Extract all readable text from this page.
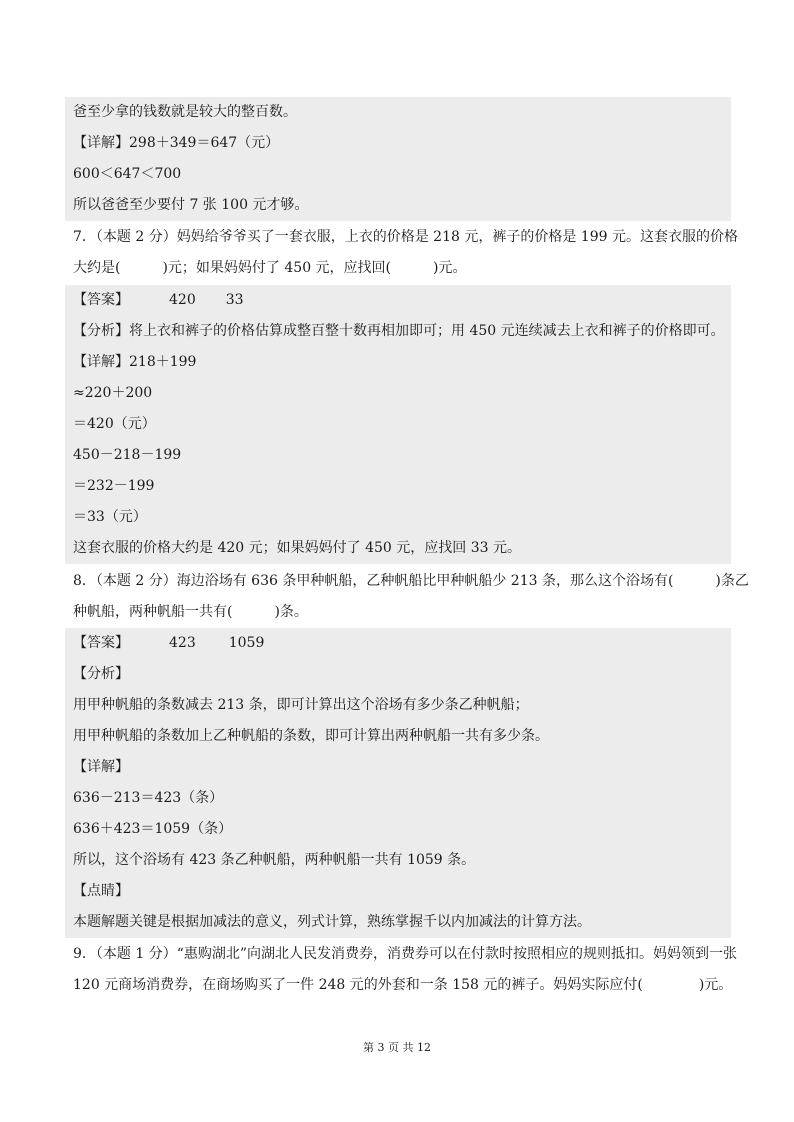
爸至少拿的钱数就是较大的整百数。
【详解】298＋349＝647（元）
600＜647＜700
所以爸爸至少要付 7 张 100 元才够。
7．（本题 2 分）妈妈给爷爷买了一套衣服，上衣的价格是 218 元，裤子的价格是 199 元。这套衣服的价格
大约是(　　　)元；如果妈妈付了 450 元，应找回(　　　)元。
【答案】	420 33
【分析】将上衣和裤子的价格估算成整百整十数再相加即可；用 450 元连续减去上衣和裤子的价格即可。
【详解】218＋199
≈220＋200
＝420（元）
450－218－199
＝232－199
＝33（元）
这套衣服的价格大约是 420 元；如果妈妈付了 450 元，应找回 33 元。
8．（本题 2 分）海边浴场有 636 条甲种帆船，乙种帆船比甲种帆船少 213 条，那么这个浴场有(　　　)条乙
种帆船，两种帆船一共有(　　　)条。
【答案】	423 1059
【分析】
用甲种帆船的条数减去 213 条，即可计算出这个浴场有多少条乙种帆船；
用甲种帆船的条数加上乙种帆船的条数，即可计算出两种帆船一共有多少条。
【详解】
636－213＝423（条）
636＋423＝1059（条）
所以，这个浴场有 423 条乙种帆船，两种帆船一共有 1059 条。
【点睛】
本题解题关键是根据加减法的意义，列式计算，熟练掌握千以内加减法的计算方法。
9．（本题 1 分）“惠购湖北”向湖北人民发消费券，消费券可以在付款时按照相应的规则抵扣。妈妈领到一张
120 元商场消费券，在商场购买了一件 248 元的外套和一条 158 元的裤子。妈妈实际应付(　　　　)元。
第 3 页 共 12
